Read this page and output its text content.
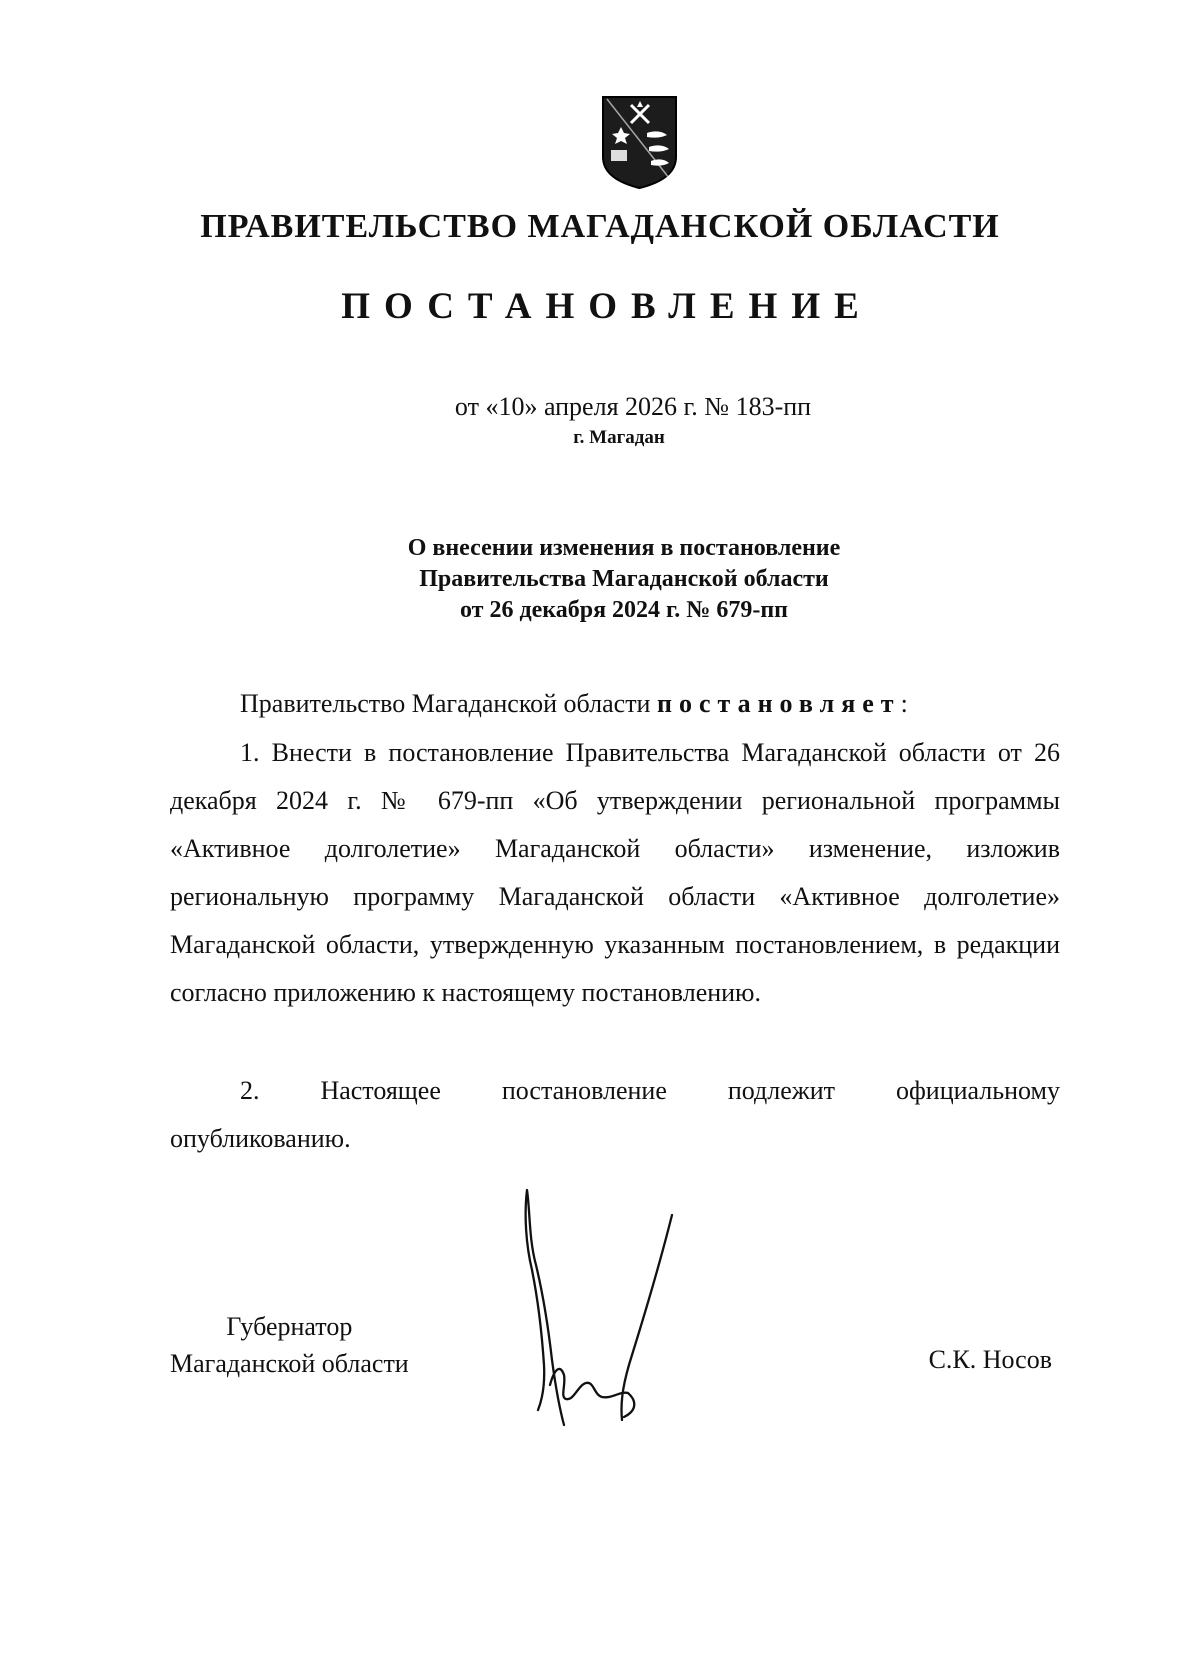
ПРАВИТЕЛЬСТВО МАГАДАНСКОЙ ОБЛАСТИ
ПОСТАНОВЛЕНИЕ
от «10» апреля 2026 г. № 183-пп
г. Магадан
О внесении изменения в постановление
Правительства Магаданской области
от 26 декабря 2024 г. № 679-пп
Правительство Магаданской области постановляет:
1. Внести в постановление Правительства Магаданской области от 26 декабря 2024 г. № 679-пп «Об утверждении региональной программы «Активное долголетие» Магаданской области» изменение, изложив региональную программу Магаданской области «Активное долголетие» Магаданской области, утвержденную указанным постановлением, в редакции согласно приложению к настоящему постановлению.
2. Настоящее постановление подлежит официальному
опубликованию.
Губернатор
Магаданской области	С.К. Носов
